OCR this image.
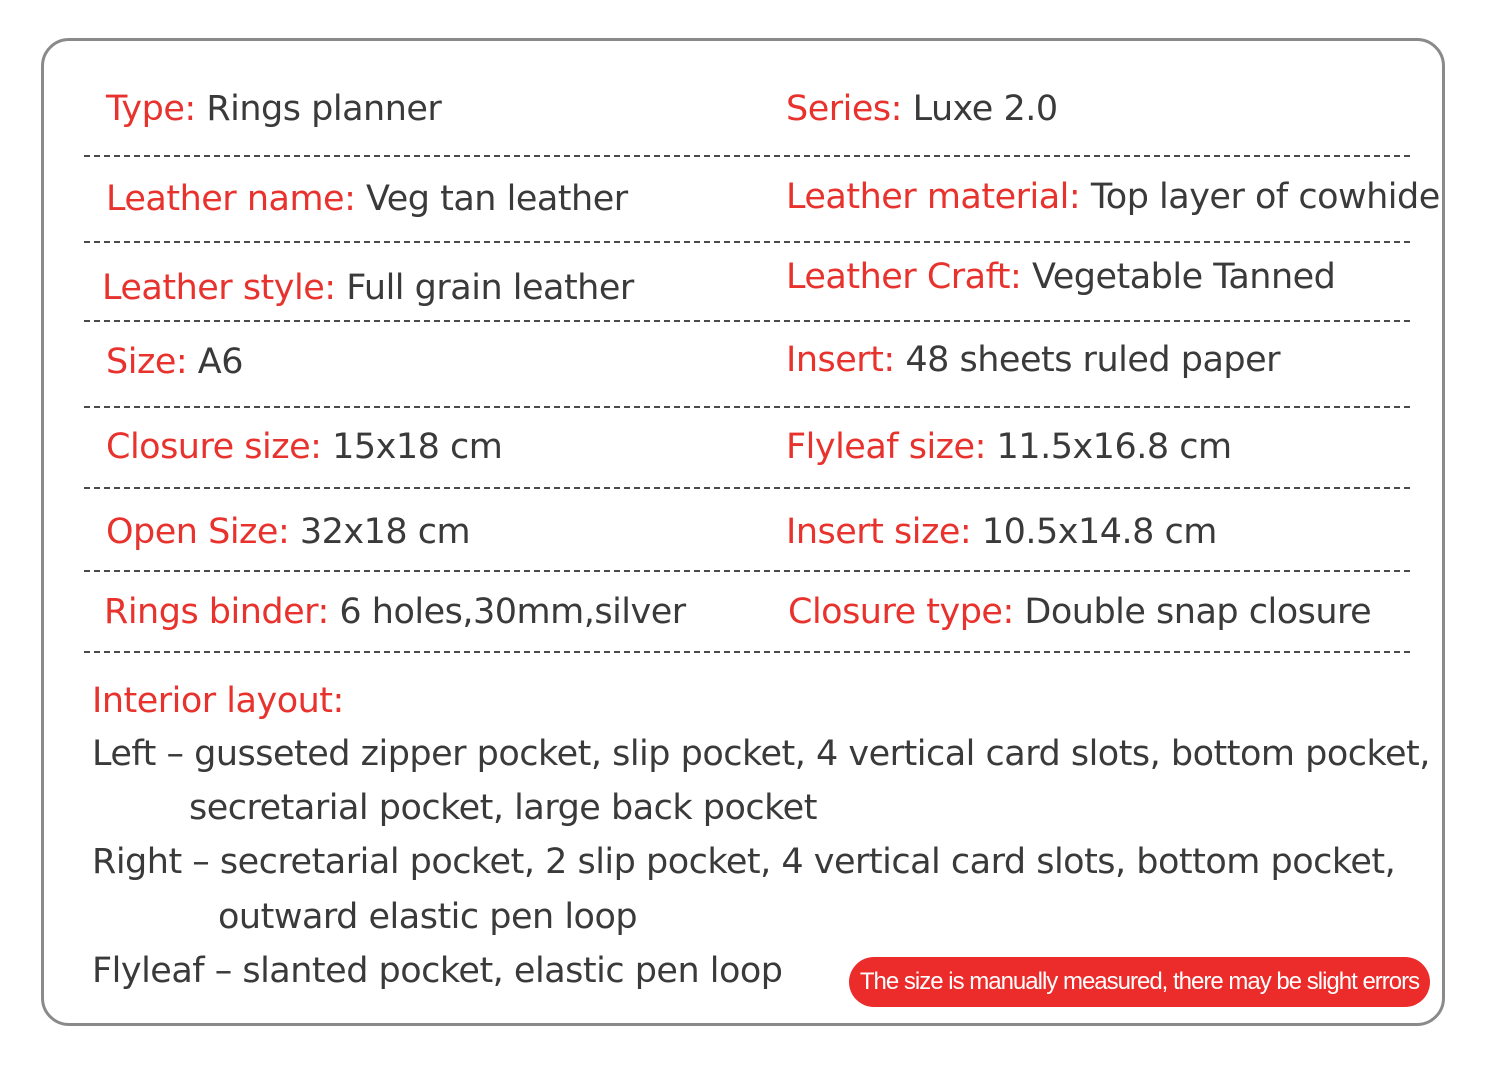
Type: Rings planner	Series: Luxe 2.0
Leather name: Veg tan leather	Leather material: Top layer of cowhide
Leather style: Full grain leather	Leather Craft: Vegetable Tanned
Size: A6	Insert: 48 sheets ruled paper
Closure size: 15x18 cm	Flyleaf size: 11.5x16.8 cm
Open Size: 32x18 cm	Insert size: 10.5x14.8 cm
Rings binder: 6 holes,30mm,silver	Closure type: Double snap closure
Interior layout:
Left – gusseted zipper pocket, slip pocket, 4 vertical card slots, bottom pocket,
secretarial pocket, large back pocket
Right – secretarial pocket, 2 slip pocket, 4 vertical card slots, bottom pocket,
outward elastic pen loop
Flyleaf – slanted pocket, elastic pen loop	The size is manually measured, there may be slight errors
